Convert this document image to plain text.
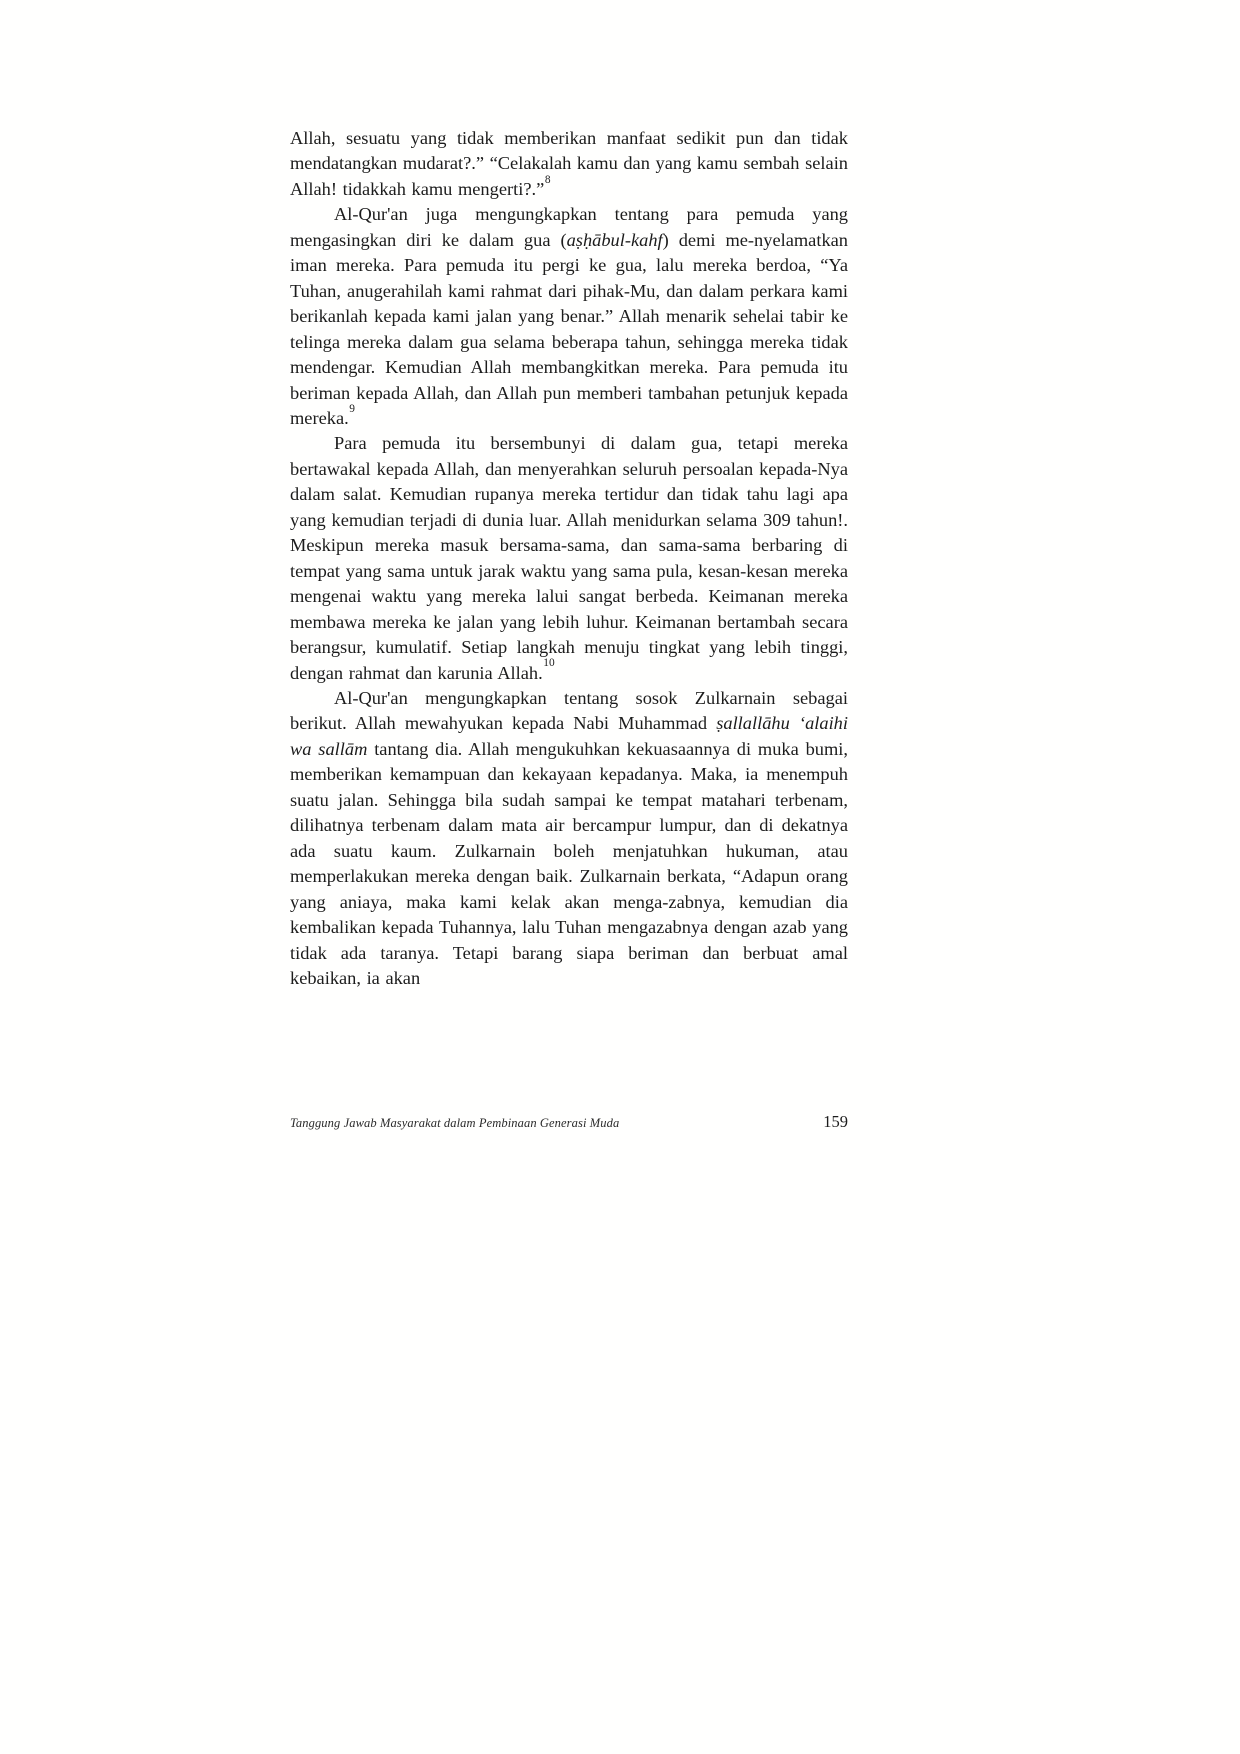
Allah, sesuatu yang tidak memberikan manfaat sedikit pun dan tidak mendatangkan mudarat?.” “Celakalah kamu dan yang kamu sembah selain Allah! tidakkah kamu mengerti?.”$^8$

Al-Qur'an juga mengungkapkan tentang para pemuda yang mengasingkan diri ke dalam gua (aṣḥābul-kahf) demi me-nyelamatkan iman mereka. Para pemuda itu pergi ke gua, lalu mereka berdoa, “Ya Tuhan, anugerahilah kami rahmat dari pihak-Mu, dan dalam perkara kami berikanlah kepada kami jalan yang benar.” Allah menarik sehelai tabir ke telinga mereka dalam gua selama beberapa tahun, sehingga mereka tidak mendengar. Kemudian Allah membangkitkan mereka. Para pemuda itu beriman kepada Allah, dan Allah pun memberi tambahan petunjuk kepada mereka.$^9$

Para pemuda itu bersembunyi di dalam gua, tetapi mereka bertawakal kepada Allah, dan menyerahkan seluruh persoalan kepada-Nya dalam salat. Kemudian rupanya mereka tertidur dan tidak tahu lagi apa yang kemudian terjadi di dunia luar. Allah menidurkan selama 309 tahun!. Meskipun mereka masuk bersama-sama, dan sama-sama berbaring di tempat yang sama untuk jarak waktu yang sama pula, kesan-kesan mereka mengenai waktu yang mereka lalui sangat berbeda. Keimanan mereka membawa mereka ke jalan yang lebih luhur. Keimanan bertambah secara berangsur, kumulatif. Setiap langkah menuju tingkat yang lebih tinggi, dengan rahmat dan karunia Allah.$^{10}$

Al-Qur'an mengungkapkan tentang sosok Zulkarnain sebagai berikut. Allah mewahyukan kepada Nabi Muhammad ṣallallāhu ‘alaihi wa sallām tantang dia. Allah mengukuhkan kekuasaannya di muka bumi, memberikan kemampuan dan kekayaan kepadanya. Maka, ia menempuh suatu jalan. Sehingga bila sudah sampai ke tempat matahari terbenam, dilihatnya terbenam dalam mata air bercampur lumpur, dan di dekatnya ada suatu kaum. Zulkarnain boleh menjatuhkan hukuman, atau memperlakukan mereka dengan baik. Zulkarnain berkata, “Adapun orang yang aniaya, maka kami kelak akan menga-zabnya, kemudian dia kembalikan kepada Tuhannya, lalu Tuhan mengazabnya dengan azab yang tidak ada taranya. Tetapi barang siapa beriman dan berbuat amal kebaikan, ia akan

Tanggung Jawab Masyarakat dalam Pembinaan Generasi Muda	159
